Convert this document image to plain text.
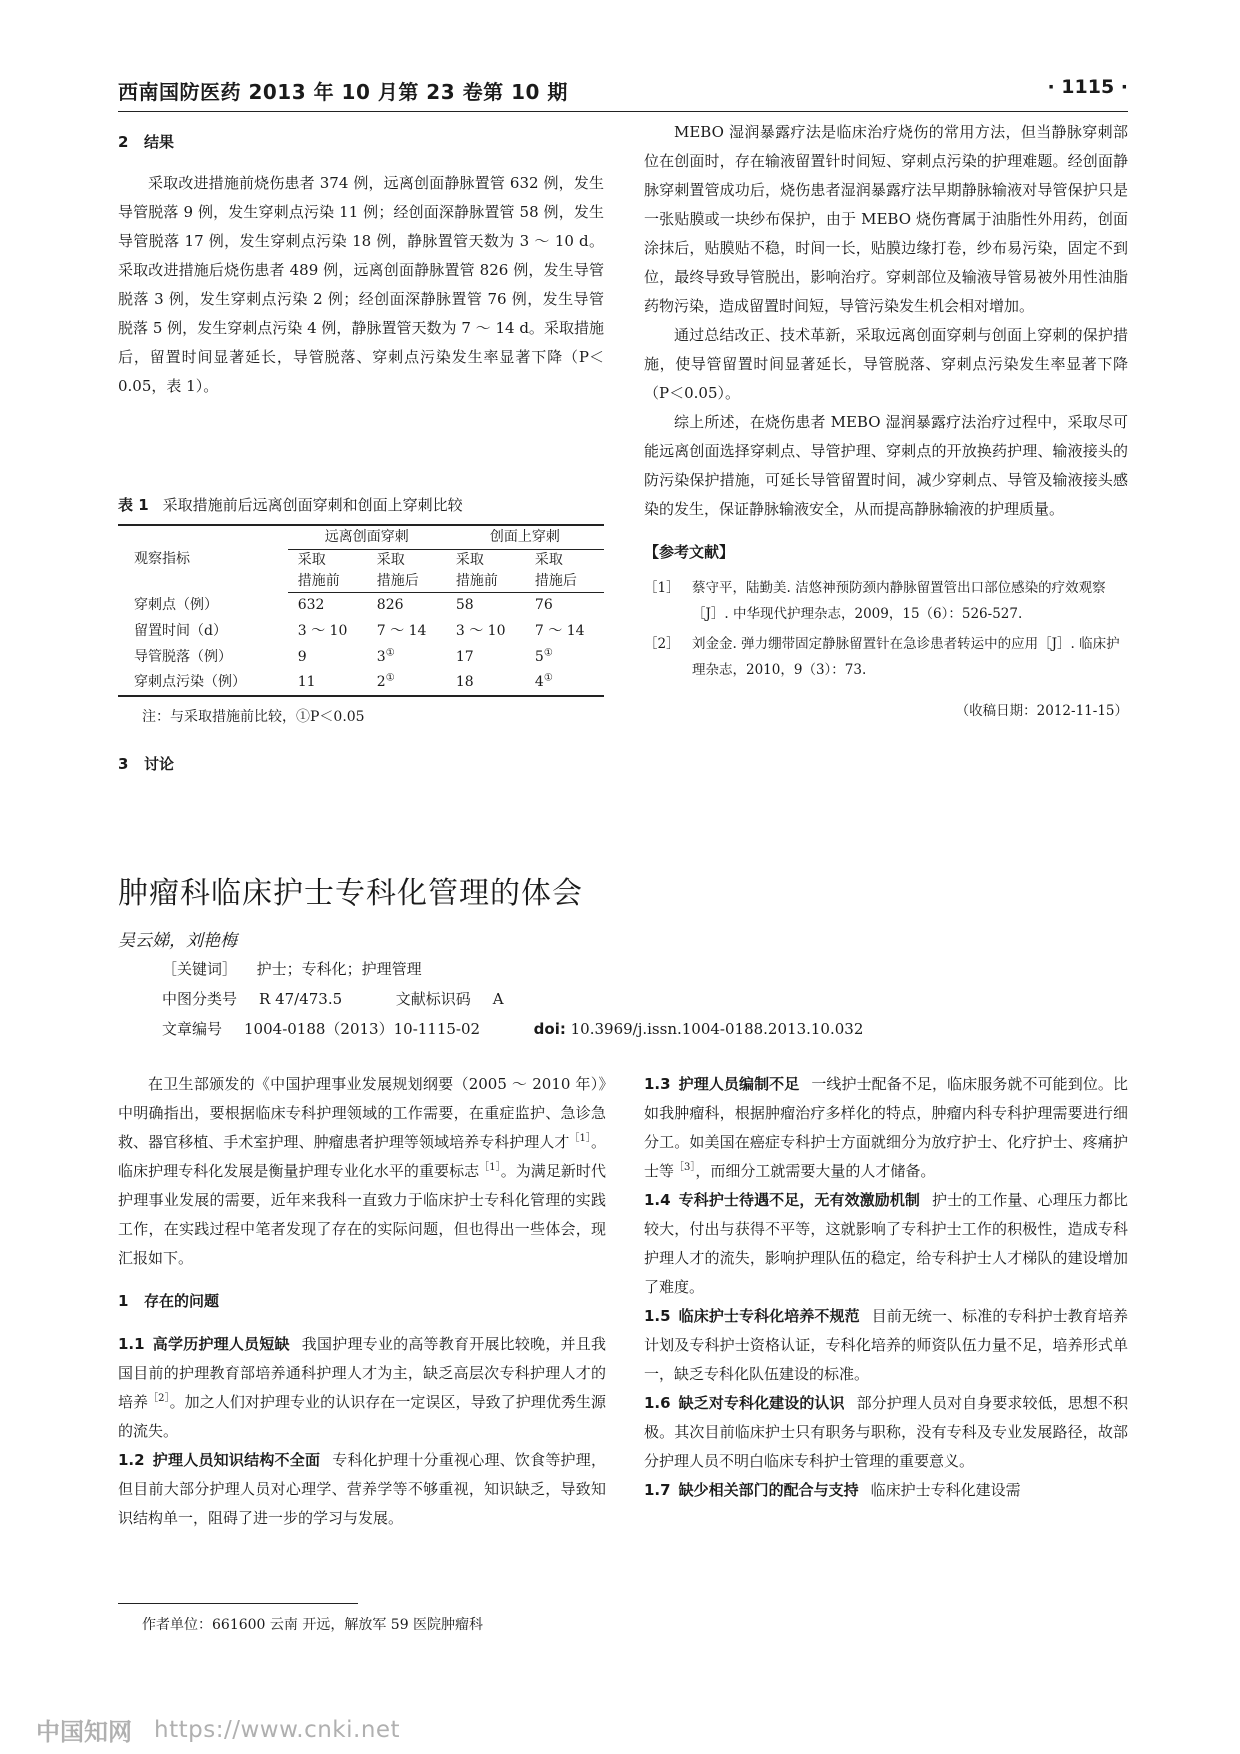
西南国防医药 2013 年 10 月第 23 卷第 10 期	· 1115 ·
2 结果

采取改进措施前烧伤患者 374 例，远离创面静脉置管 632 例，发生导管脱落 9 例，发生穿刺点污染 11 例；经创面深静脉置管 58 例，发生导管脱落 17 例，发生穿刺点污染 18 例，静脉置管天数为 3 ～ 10 d。采取改进措施后烧伤患者 489 例，远离创面静脉置管 826 例，发生导管脱落 3 例，发生穿刺点污染 2 例；经创面深静脉置管 76 例，发生导管脱落 5 例，发生穿刺点污染 4 例，静脉置管天数为 7 ～ 14 d。采取措施后，留置时间显著延长，导管脱落、穿刺点污染发生率显著下降（P＜0.05，表 1）。

表 1 采取措施前后远离创面穿刺和创面上穿刺比较
观察指标	远离创面穿刺		创面上穿刺	
	采取	采取	采取	采取
	措施前	措施后	措施前	措施后
穿刺点（例）	632	826	58	76
留置时间（d）	3 ～ 10	7 ～ 14	3 ～ 10	7 ～ 14
导管脱落（例）	9	3①	17	5①
穿刺点污染（例）	11	2①	18	4①
注：与采取措施前比较，①P＜0.05
3 讨论

MEBO 湿润暴露疗法是临床治疗烧伤的常用方法，但当静脉穿刺部位在创面时，存在输液留置针时间短、穿刺点污染的护理难题。经创面静脉穿刺置管成功后，烧伤患者湿润暴露疗法早期静脉输液对导管保护只是一张贴膜或一块纱布保护，由于 MEBO 烧伤膏属于油脂性外用药，创面涂抹后，贴膜贴不稳，时间一长，贴膜边缘打卷，纱布易污染，固定不到位，最终导致导管脱出，影响治疗。穿刺部位及输液导管易被外用性油脂药物污染，造成留置时间短，导管污染发生机会相对增加。

通过总结改正、技术革新，采取远离创面穿刺与创面上穿刺的保护措施，使导管留置时间显著延长，导管脱落、穿刺点污染发生率显著下降（P＜0.05）。

综上所述，在烧伤患者 MEBO 湿润暴露疗法治疗过程中，采取尽可能远离创面选择穿刺点、导管护理、穿刺点的开放换药护理、输液接头的防污染保护措施，可延长导管留置时间，减少穿刺点、导管及输液接头感染的发生，保证静脉输液安全，从而提高静脉输液的护理质量。

【参考文献】
［1］ 蔡守平，陆勤美. 洁悠神预防颈内静脉留置管出口部位感染的疗效观察［J］. 中华现代护理杂志，2009，15（6）：526-527.
［2］ 刘金金. 弹力绷带固定静脉留置针在急诊患者转运中的应用［J］. 临床护理杂志，2010，9（3）：73.
（收稿日期：2012-11-15）
肿瘤科临床护士专科化管理的体会
吴云娣，刘艳梅
［关键词］ 护士；专科化；护理管理
中图分类号 R 47/473.5	文献标识码 A
文章编号 1004-0188（2013）10-1115-02	doi: 10.3969/j.issn.1004-0188.2013.10.032

在卫生部颁发的《中国护理事业发展规划纲要（2005 ～ 2010 年）》中明确指出，要根据临床专科护理领域的工作需要，在重症监护、急诊急救、器官移植、手术室护理、肿瘤患者护理等领域培养专科护理人才$^{[1]}$。临床护理专科化发展是衡量护理专业化水平的重要标志$^{[1]}$。为满足新时代护理事业发展的需要，近年来我科一直致力于临床护士专科化管理的实践工作，在实践过程中笔者发现了存在的实际问题，但也得出一些体会，现汇报如下。

1 存在的问题

1.1 高学历护理人员短缺 我国护理专业的高等教育开展比较晚，并且我国目前的护理教育部培养通科护理人才为主，缺乏高层次专科护理人才的培养$^{[2]}$。加之人们对护理专业的认识存在一定误区，导致了护理优秀生源的流失。

1.2 护理人员知识结构不全面 专科化护理十分重视心理、饮食等护理，但目前大部分护理人员对心理学、营养学等不够重视，知识缺乏，导致知识结构单一，阻碍了进一步的学习与发展。

1.3 护理人员编制不足 一线护士配备不足，临床服务就不可能到位。比如我肿瘤科，根据肿瘤治疗多样化的特点，肿瘤内科专科护理需要进行细分工。如美国在癌症专科护士方面就细分为放疗护士、化疗护士、疼痛护士等$^{[3]}$，而细分工就需要大量的人才储备。

1.4 专科护士待遇不足，无有效激励机制 护士的工作量、心理压力都比较大，付出与获得不平等，这就影响了专科护士工作的积极性，造成专科护理人才的流失，影响护理队伍的稳定，给专科护士人才梯队的建设增加了难度。

1.5 临床护士专科化培养不规范 目前无统一、标准的专科护士教育培养计划及专科护士资格认证，专科化培养的师资队伍力量不足，培养形式单一，缺乏专科化队伍建设的标准。

1.6 缺乏对专科化建设的认识 部分护理人员对自身要求较低，思想不积极。其次目前临床护士只有职务与职称，没有专科及专业发展路径，故部分护理人员不明白临床专科护士管理的重要意义。

1.7 缺少相关部门的配合与支持 临床护士专科化建设需

作者单位：661600 云南 开远，解放军 59 医院肿瘤科
中国知网 https://www.cnki.net
